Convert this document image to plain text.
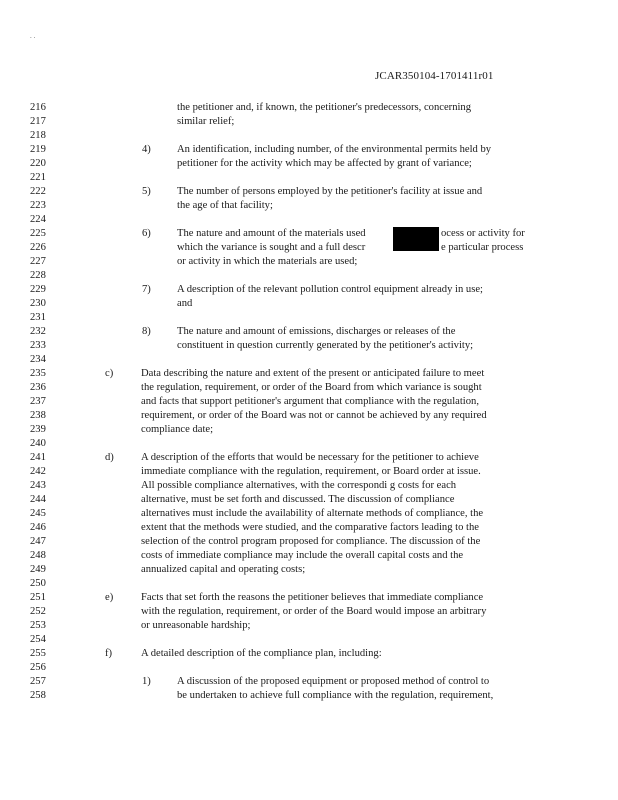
. .
JCAR350104-1701411r01
216
217
218
219
220
221
222
223
224
225
226
227
228
229
230
231
232
233
234
235
236
237
238
239
240
241
242
243
244
245
246
247
248
249
250
251
252
253
254
255
256
257
258
the petitioner and, if known, the petitioner's predecessors, concerning
similar relief;
4) An identification, including number, of the environmental permits held by
petitioner for the activity which may be affected by grant of variance;
5) The number of persons employed by the petitioner's facility at issue and
the age of that facility;
6) The nature and amount of the materials used	ocess or activity for
which the variance is sought and a full descr	e particular process
or activity in which the materials are used;
7) A description of the relevant pollution control equipment already in use;
and
8) The nature and amount of emissions, discharges or releases of the
constituent in question currently generated by the petitioner's activity;
c)	Data describing the nature and extent of the present or anticipated failure to meet
the regulation, requirement, or order of the Board from which variance is sought
and facts that support petitioner's argument that compliance with the regulation,
requirement, or order of the Board was not or cannot be achieved by any required
compliance date;
d)	A description of the efforts that would be necessary for the petitioner to achieve
immediate compliance with the regulation, requirement, or Board order at issue.
All possible compliance alternatives, with the correspondi g costs for each
alternative, must be set forth and discussed. The discussion of compliance
alternatives must include the availability of alternate methods of compliance, the
extent that the methods were studied, and the comparative factors leading to the
selection of the control program proposed for compliance. The discussion of the
costs of immediate compliance may include the overall capital costs and the
annualized capital and operating costs;
e)	Facts that set forth the reasons the petitioner believes that immediate compliance
with the regulation, requirement, or order of the Board would impose an arbitrary
or unreasonable hardship;
f)	A detailed description of the compliance plan, including:
1) A discussion of the proposed equipment or proposed method of control to
be undertaken to achieve full compliance with the regulation, requirement,
